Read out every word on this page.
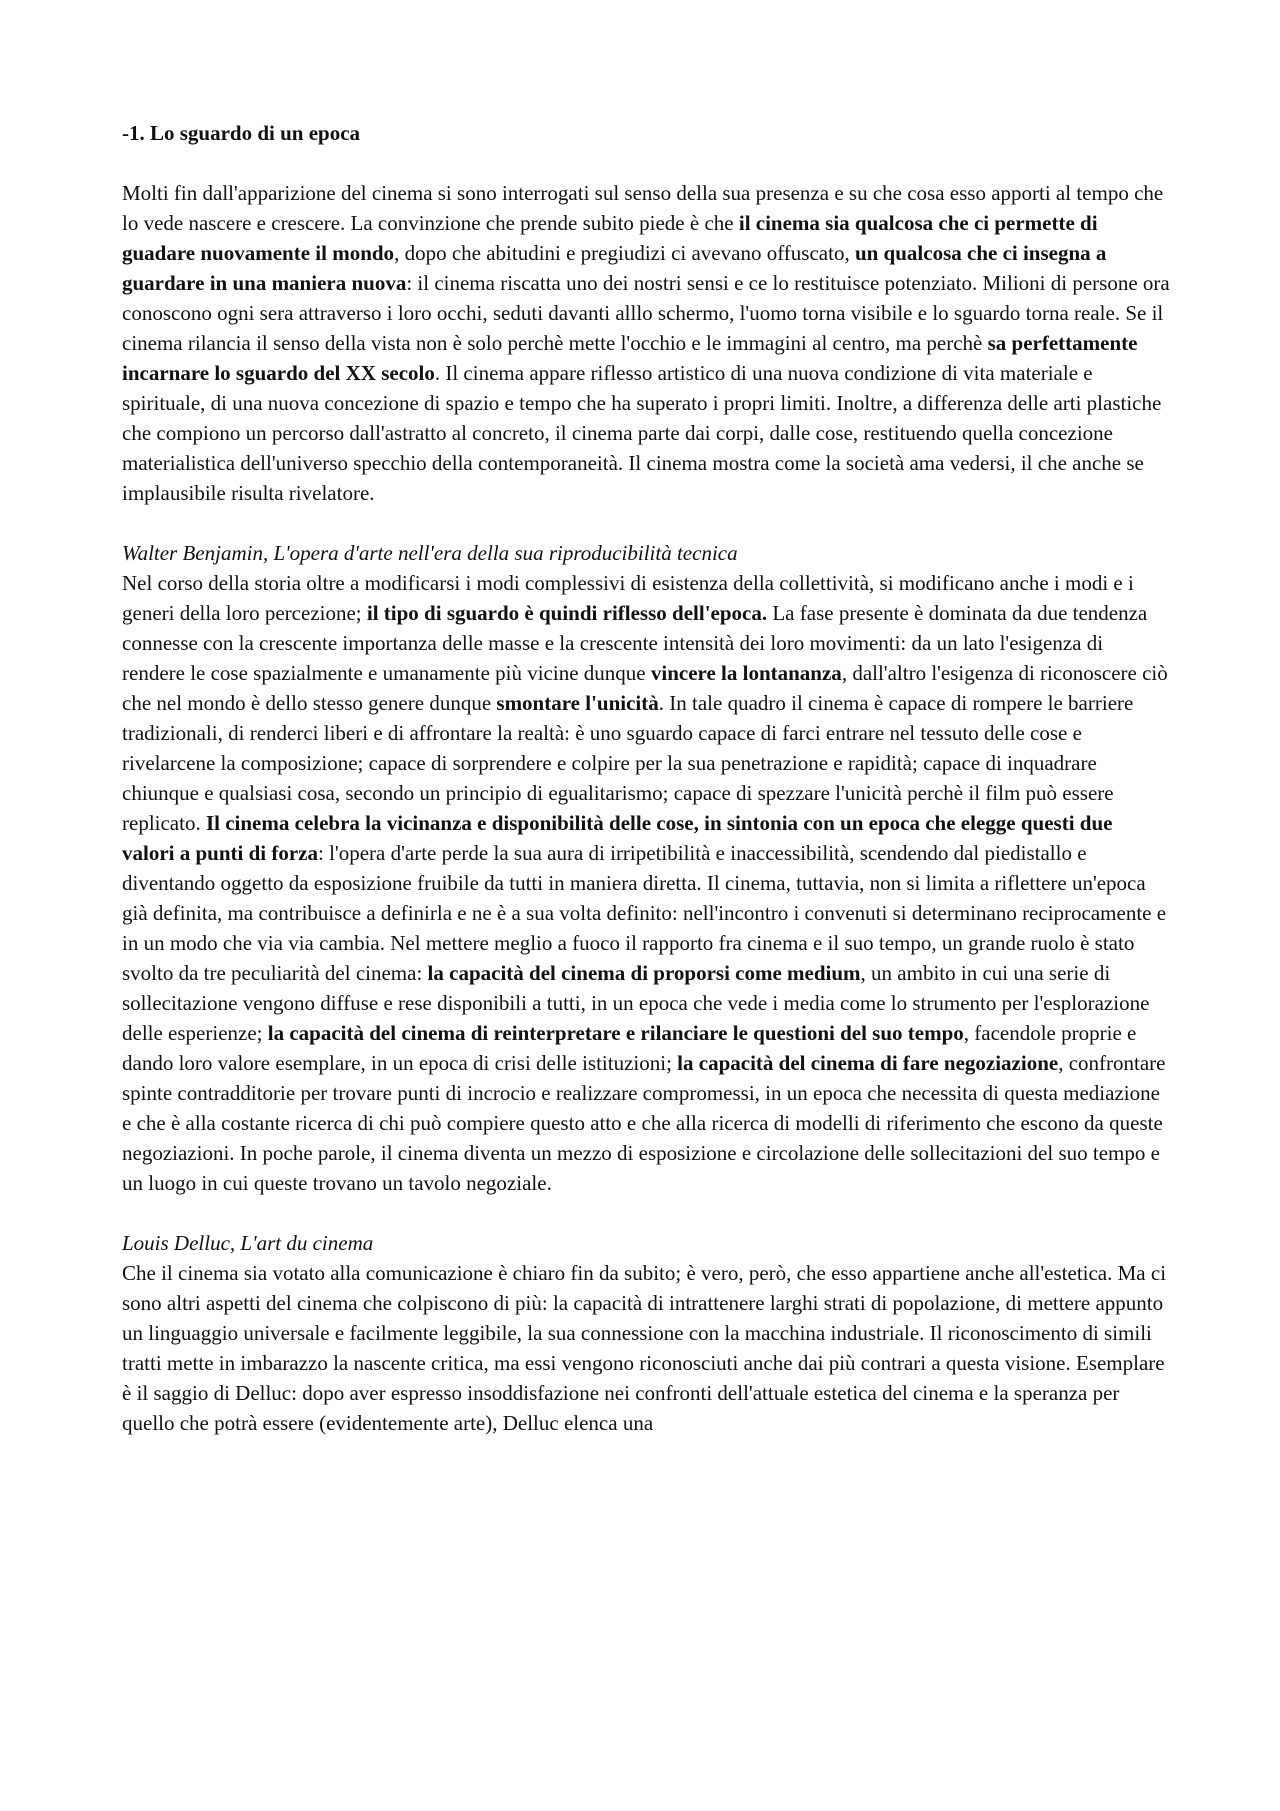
-1. Lo sguardo di un epoca

Molti fin dall'apparizione del cinema si sono interrogati sul senso della sua presenza e su che cosa esso apporti al tempo che lo vede nascere e crescere. La convinzione che prende subito piede è che il cinema sia qualcosa che ci permette di guadare nuovamente il mondo, dopo che abitudini e pregiudizi ci avevano offuscato, un qualcosa che ci insegna a guardare in una maniera nuova: il cinema riscatta uno dei nostri sensi e ce lo restituisce potenziato. Milioni di persone ora conoscono ogni sera attraverso i loro occhi, seduti davanti alllo schermo, l'uomo torna visibile e lo sguardo torna reale. Se il cinema rilancia il senso della vista non è solo perchè mette l'occhio e le immagini al centro, ma perchè sa perfettamente incarnare lo sguardo del XX secolo. Il cinema appare riflesso artistico di una nuova condizione di vita materiale e spirituale, di una nuova concezione di spazio e tempo che ha superato i propri limiti. Inoltre, a differenza delle arti plastiche che compiono un percorso dall'astratto al concreto, il cinema parte dai corpi, dalle cose, restituendo quella concezione materialistica dell'universo specchio della contemporaneità. Il cinema mostra come la società ama vedersi, il che anche se implausibile risulta rivelatore.

Walter Benjamin, L'opera d'arte nell'era della sua riproducibilità tecnica

Nel corso della storia oltre a modificarsi i modi complessivi di esistenza della collettività, si modificano anche i modi e i generi della loro percezione; il tipo di sguardo è quindi riflesso dell'epoca. La fase presente è dominata da due tendenza connesse con la crescente importanza delle masse e la crescente intensità dei loro movimenti: da un lato l'esigenza di rendere le cose spazialmente e umanamente più vicine dunque vincere la lontananza, dall'altro l'esigenza di riconoscere ciò che nel mondo è dello stesso genere dunque smontare l'unicità. In tale quadro il cinema è capace di rompere le barriere tradizionali, di renderci liberi e di affrontare la realtà: è uno sguardo capace di farci entrare nel tessuto delle cose e rivelarcene la composizione; capace di sorprendere e colpire per la sua penetrazione e rapidità; capace di inquadrare chiunque e qualsiasi cosa, secondo un principio di egualitarismo; capace di spezzare l'unicità perchè il film può essere replicato. Il cinema celebra la vicinanza e disponibilità delle cose, in sintonia con un epoca che elegge questi due valori a punti di forza: l'opera d'arte perde la sua aura di irripetibilità e inaccessibilità, scendendo dal piedistallo e diventando oggetto da esposizione fruibile da tutti in maniera diretta. Il cinema, tuttavia, non si limita a riflettere un'epoca già definita, ma contribuisce a definirla e ne è a sua volta definito: nell'incontro i convenuti si determinano reciprocamente e in un modo che via via cambia. Nel mettere meglio a fuoco il rapporto fra cinema e il suo tempo, un grande ruolo è stato svolto da tre peculiarità del cinema: la capacità del cinema di proporsi come medium, un ambito in cui una serie di sollecitazione vengono diffuse e rese disponibili a tutti, in un epoca che vede i media come lo strumento per l'esplorazione delle esperienze; la capacità del cinema di reinterpretare e rilanciare le questioni del suo tempo, facendole proprie e dando loro valore esemplare, in un epoca di crisi delle istituzioni; la capacità del cinema di fare negoziazione, confrontare spinte contradditorie per trovare punti di incrocio e realizzare compromessi, in un epoca che necessita di questa mediazione e che è alla costante ricerca di chi può compiere questo atto e che alla ricerca di modelli di riferimento che escono da queste negoziazioni. In poche parole, il cinema diventa un mezzo di esposizione e circolazione delle sollecitazioni del suo tempo e un luogo in cui queste trovano un tavolo negoziale.

Louis Delluc, L'art du cinema

Che il cinema sia votato alla comunicazione è chiaro fin da subito; è vero, però, che esso appartiene anche all'estetica. Ma ci sono altri aspetti del cinema che colpiscono di più: la capacità di intrattenere larghi strati di popolazione, di mettere appunto un linguaggio universale e facilmente leggibile, la sua connessione con la macchina industriale. Il riconoscimento di simili tratti mette in imbarazzo la nascente critica, ma essi vengono riconosciuti anche dai più contrari a questa visione. Esemplare è il saggio di Delluc: dopo aver espresso insoddisfazione nei confronti dell'attuale estetica del cinema e la speranza per quello che potrà essere (evidentemente arte), Delluc elenca una
